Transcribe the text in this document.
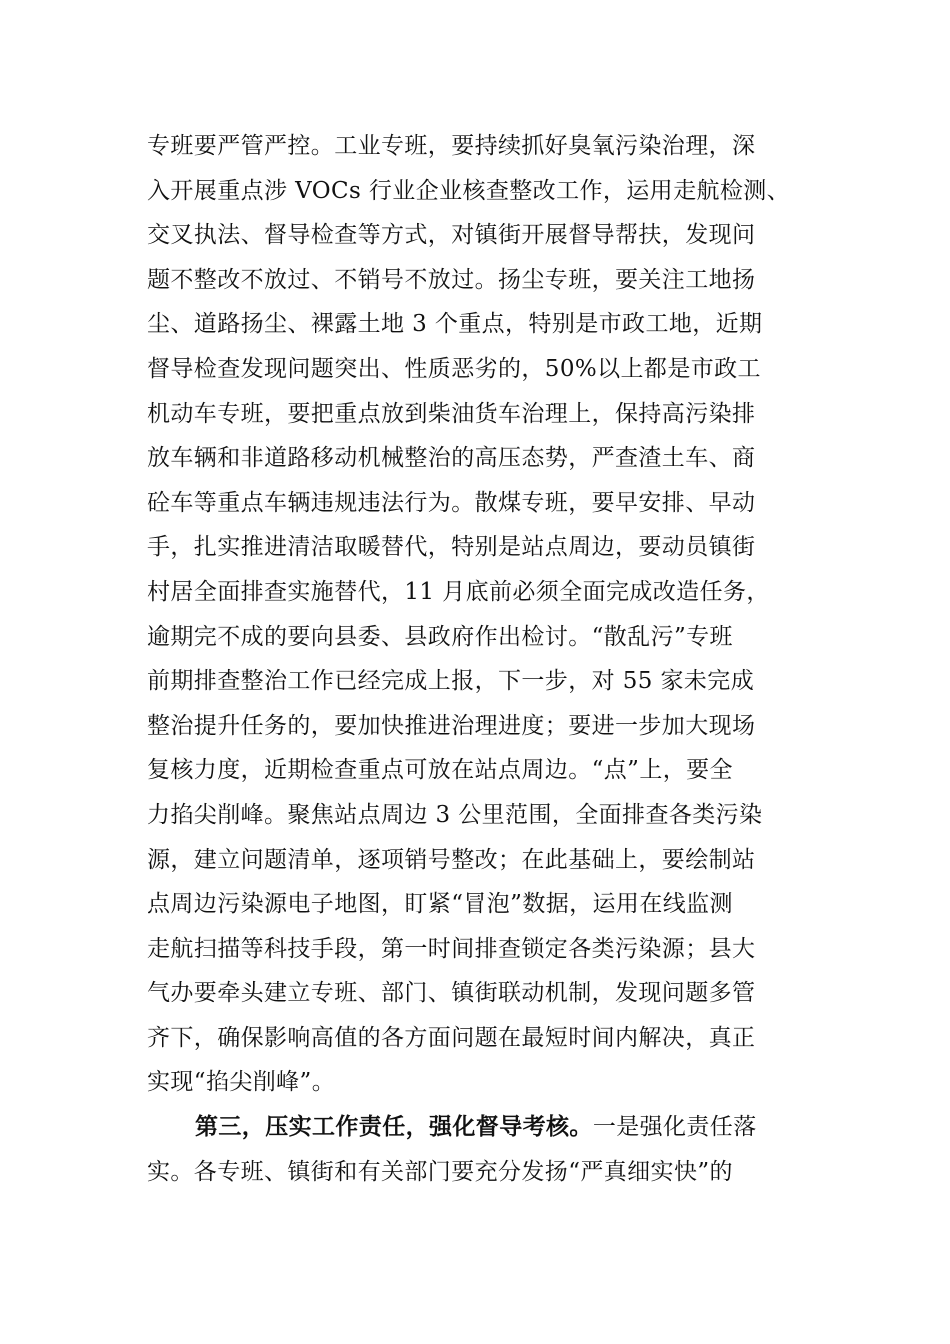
专班要严管严控。工业专班，要持续抓好臭氧污染治理，深
入开展重点涉 VOCs 行业企业核查整改工作，运用走航检测、
交叉执法、督导检查等方式，对镇街开展督导帮扶，发现问
题不整改不放过、不销号不放过。扬尘专班，要关注工地扬
尘、道路扬尘、裸露土地 3 个重点，特别是市政工地，近期
督导检查发现问题突出、性质恶劣的，50%以上都是市政工
机动车专班，要把重点放到柴油货车治理上，保持高污染排
放车辆和非道路移动机械整治的高压态势，严查渣土车、商
砼车等重点车辆违规违法行为。散煤专班，要早安排、早动
手，扎实推进清洁取暖替代，特别是站点周边，要动员镇街
村居全面排查实施替代，11 月底前必须全面完成改造任务，
逾期完不成的要向县委、县政府作出检讨。“散乱污”专班
前期排查整治工作已经完成上报，下一步，对 55 家未完成
整治提升任务的，要加快推进治理进度；要进一步加大现场
复核力度，近期检查重点可放在站点周边。“点”上，要全
力掐尖削峰。聚焦站点周边 3 公里范围，全面排查各类污染
源，建立问题清单，逐项销号整改；在此基础上，要绘制站
点周边污染源电子地图，盯紧“冒泡”数据，运用在线监测
走航扫描等科技手段，第一时间排查锁定各类污染源；县大
气办要牵头建立专班、部门、镇街联动机制，发现问题多管
齐下，确保影响高值的各方面问题在最短时间内解决，真正
实现“掐尖削峰”。
第三，压实工作责任，强化督导考核。一是强化责任落
实。各专班、镇街和有关部门要充分发扬“严真细实快”的
